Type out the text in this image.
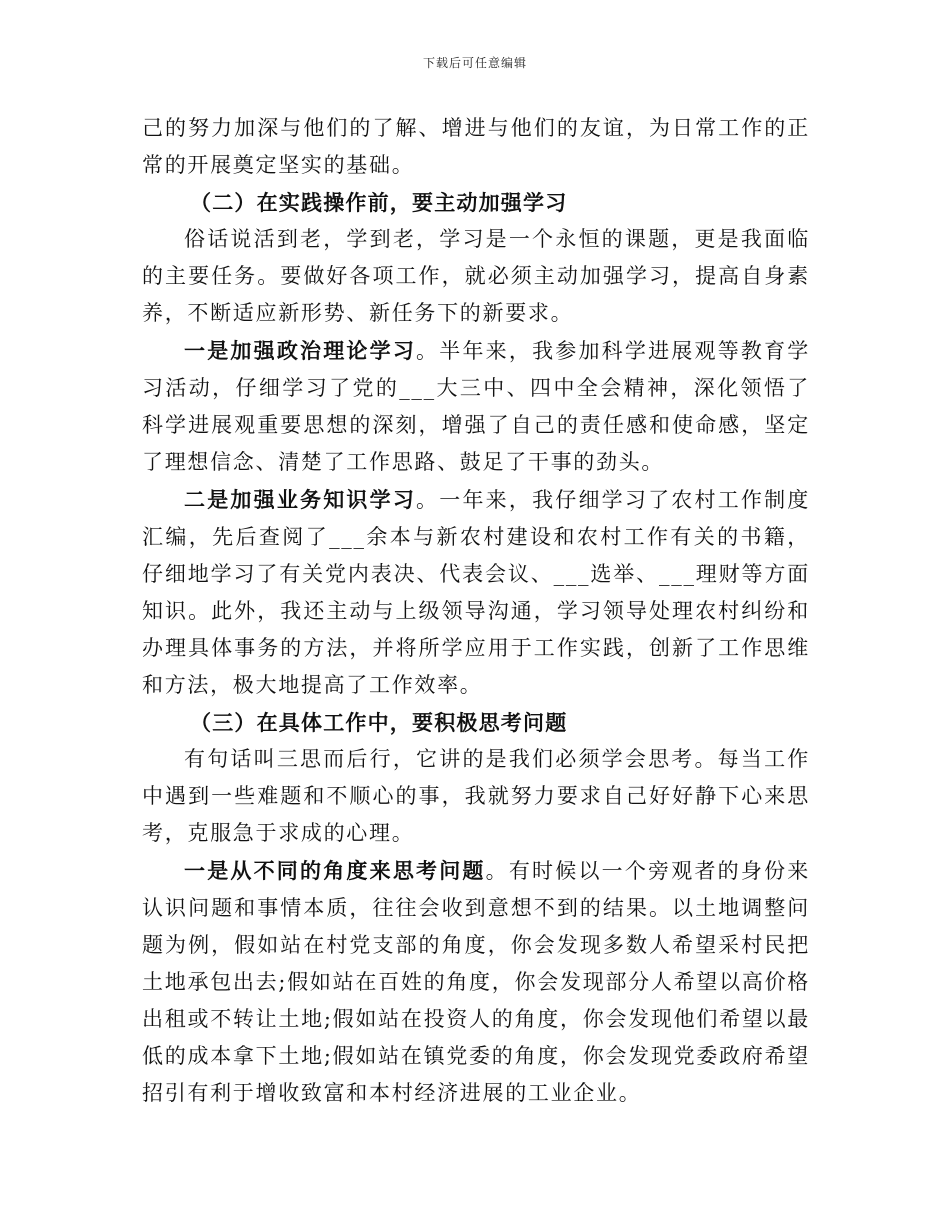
下载后可任意编辑

己的努力加深与他们的了解、增进与他们的友谊，为日常工作的正常的开展奠定坚实的基础。

（二）在实践操作前，要主动加强学习

俗话说活到老，学到老，学习是一个永恒的课题，更是我面临的主要任务。要做好各项工作，就必须主动加强学习，提高自身素养，不断适应新形势、新任务下的新要求。

一是加强政治理论学习。半年来，我参加科学进展观等教育学习活动，仔细学习了党的___大三中、四中全会精神，深化领悟了科学进展观重要思想的深刻，增强了自己的责任感和使命感，坚定了理想信念、清楚了工作思路、鼓足了干事的劲头。

二是加强业务知识学习。一年来，我仔细学习了农村工作制度汇编，先后查阅了___余本与新农村建设和农村工作有关的书籍，仔细地学习了有关党内表决、代表会议、___选举、___理财等方面知识。此外，我还主动与上级领导沟通，学习领导处理农村纠纷和办理具体事务的方法，并将所学应用于工作实践，创新了工作思维和方法，极大地提高了工作效率。

（三）在具体工作中，要积极思考问题

有句话叫三思而后行，它讲的是我们必须学会思考。每当工作中遇到一些难题和不顺心的事，我就努力要求自己好好静下心来思考，克服急于求成的心理。

一是从不同的角度来思考问题。有时候以一个旁观者的身份来认识问题和事情本质，往往会收到意想不到的结果。以土地调整问题为例，假如站在村党支部的角度，你会发现多数人希望采村民把土地承包出去;假如站在百姓的角度，你会发现部分人希望以高价格出租或不转让土地;假如站在投资人的角度，你会发现他们希望以最低的成本拿下土地;假如站在镇党委的角度，你会发现党委政府希望招引有利于增收致富和本村经济进展的工业企业。
